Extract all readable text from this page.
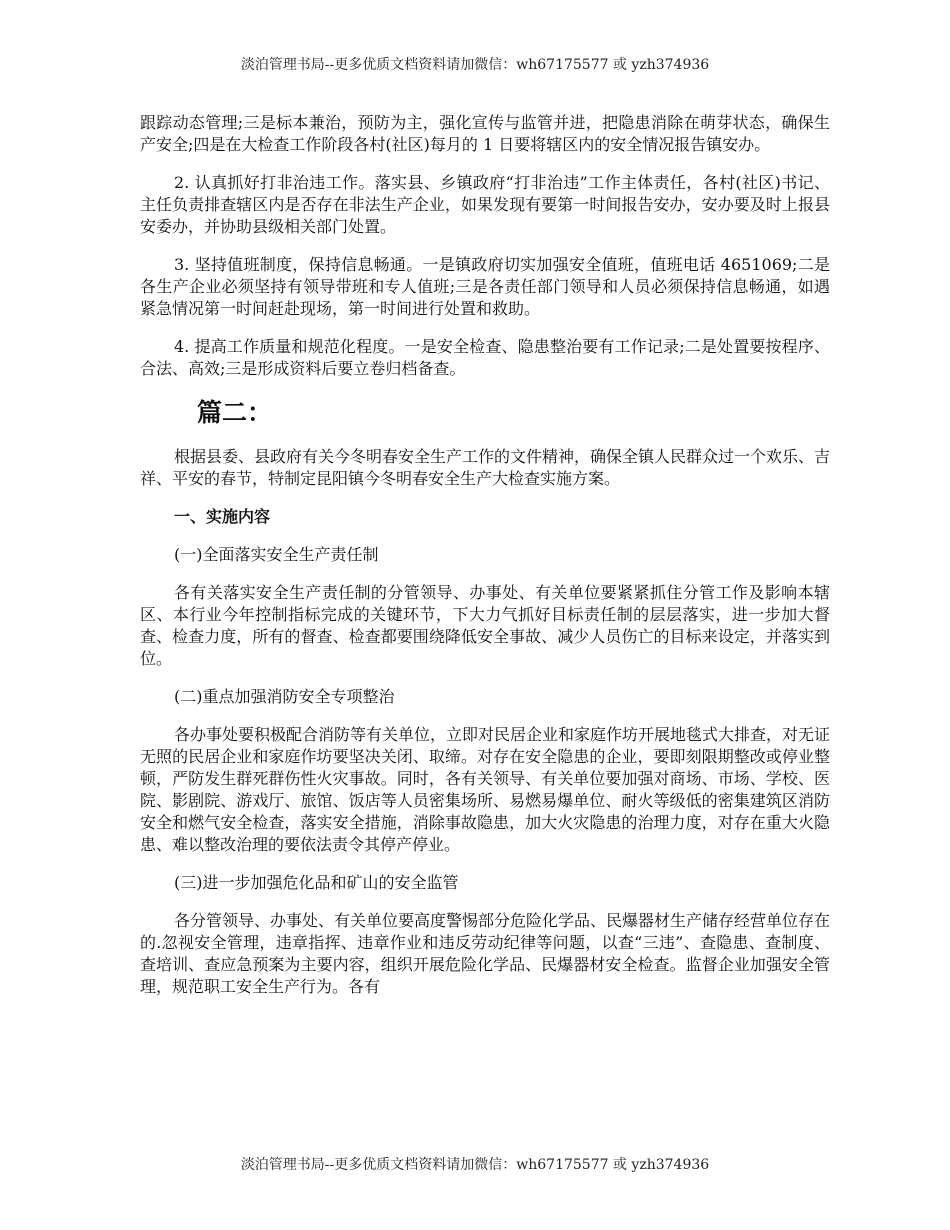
淡泊管理书局--更多优质文档资料请加微信：wh67175577 或 yzh374936

跟踪动态管理;三是标本兼治，预防为主，强化宣传与监管并进，把隐患消除在萌芽状态，确保生产安全;四是在大检查工作阶段各村(社区)每月的 1 日要将辖区内的安全情况报告镇安办。

2. 认真抓好打非治违工作。落实县、乡镇政府“打非治违”工作主体责任，各村(社区)书记、主任负责排查辖区内是否存在非法生产企业，如果发现有要第一时间报告安办，安办要及时上报县安委办，并协助县级相关部门处置。

3. 坚持值班制度，保持信息畅通。一是镇政府切实加强安全值班，值班电话 4651069;二是各生产企业必须坚持有领导带班和专人值班;三是各责任部门领导和人员必须保持信息畅通，如遇紧急情况第一时间赶赴现场，第一时间进行处置和救助。

4. 提高工作质量和规范化程度。一是安全检查、隐患整治要有工作记录;二是处置要按程序、合法、高效;三是形成资料后要立卷归档备查。

篇二：

根据县委、县政府有关今冬明春安全生产工作的文件精神，确保全镇人民群众过一个欢乐、吉祥、平安的春节，特制定昆阳镇今冬明春安全生产大检查实施方案。

一、实施内容

(一)全面落实安全生产责任制

各有关落实安全生产责任制的分管领导、办事处、有关单位要紧紧抓住分管工作及影响本辖区、本行业今年控制指标完成的关键环节，下大力气抓好目标责任制的层层落实，进一步加大督查、检查力度，所有的督查、检查都要围绕降低安全事故、减少人员伤亡的目标来设定，并落实到位。

(二)重点加强消防安全专项整治

各办事处要积极配合消防等有关单位，立即对民居企业和家庭作坊开展地毯式大排查，对无证无照的民居企业和家庭作坊要坚决关闭、取缔。对存在安全隐患的企业，要即刻限期整改或停业整顿，严防发生群死群伤性火灾事故。同时，各有关领导、有关单位要加强对商场、市场、学校、医院、影剧院、游戏厅、旅馆、饭店等人员密集场所、易燃易爆单位、耐火等级低的密集建筑区消防安全和燃气安全检查，落实安全措施，消除事故隐患，加大火灾隐患的治理力度，对存在重大火隐患、难以整改治理的要依法责令其停产停业。

(三)进一步加强危化品和矿山的安全监管

各分管领导、办事处、有关单位要高度警惕部分危险化学品、民爆器材生产储存经营单位存在的.忽视安全管理，违章指挥、违章作业和违反劳动纪律等问题，以查“三违”、查隐患、查制度、查培训、查应急预案为主要内容，组织开展危险化学品、民爆器材安全检查。监督企业加强安全管理，规范职工安全生产行为。各有

淡泊管理书局--更多优质文档资料请加微信：wh67175577 或 yzh374936
